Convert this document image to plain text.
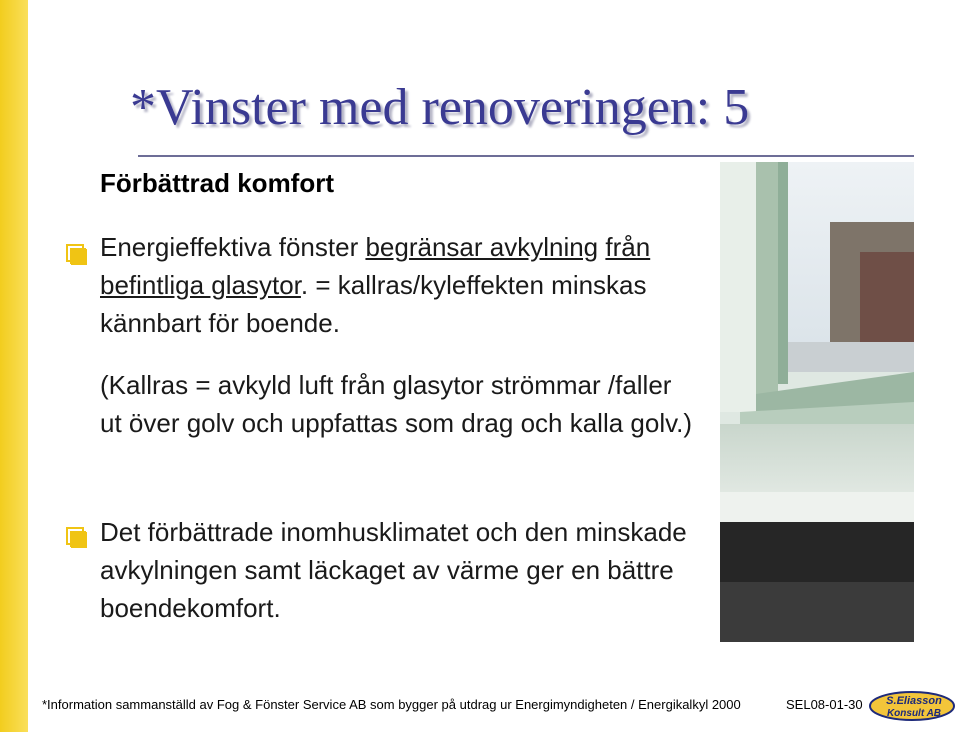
*Vinster med renoveringen: 5
Förbättrad komfort
Energieffektiva fönster begränsar avkylning från befintliga glasytor. = kallras/kyleffekten minskas kännbart för boende.
(Kallras = avkyld luft från glasytor strömmar /faller ut över golv och uppfattas som drag och kalla golv.)
Det förbättrade inomhusklimatet och den minskade avkylningen samt läckaget av värme ger en bättre boendekomfort.
*Information sammanställd av Fog & Fönster Service AB som bygger på utdrag ur Energimyndigheten / Energikalkyl 2000	SEL08-01-30 S.Eliasson
Konsult AB
